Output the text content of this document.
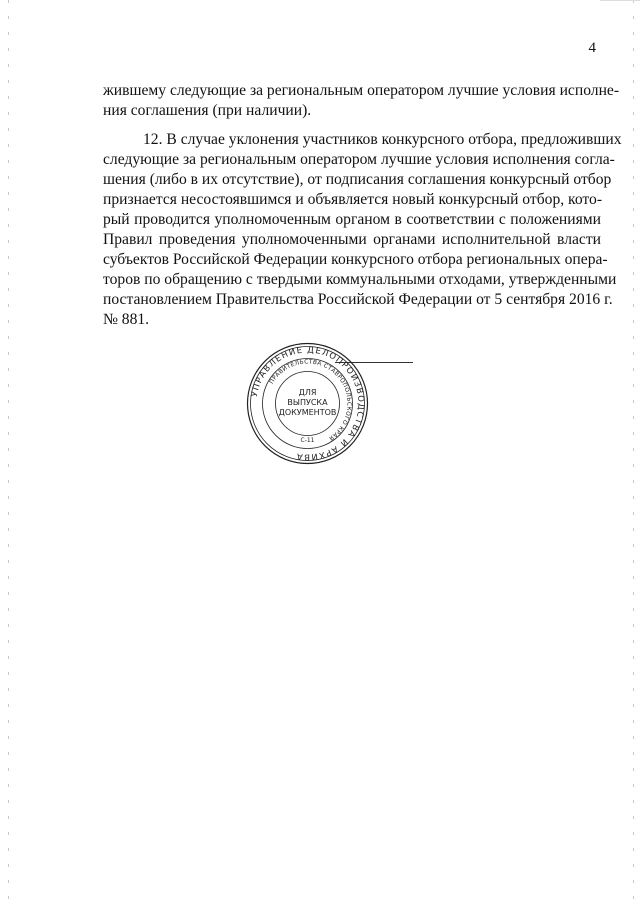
4
жившему следующие за региональным оператором лучшие условия исполне-
ния соглашения (при наличии).
12. В случае уклонения участников конкурсного отбора, предложивших
следующие за региональным оператором лучшие условия исполнения согла-
шения (либо в их отсутствие), от подписания соглашения конкурсный отбор
признается несостоявшимся и объявляется новый конкурсный отбор, кото-
рый проводится уполномоченным органом в соответствии с положениями
Правил проведения уполномоченными органами исполнительной власти
субъектов Российской Федерации конкурсного отбора региональных опера-
торов по обращению с твердыми коммунальными отходами, утвержденными
постановлением Правительства Российской Федерации от 5 сентября 2016 г.
№ 881.
УПРАВЛЕНИЕ ДЕЛОПРОИЗВОДСТВА И АРХИВА
ПРАВИТЕЛЬСТВА СТАВРОПОЛЬСКОГО КРАЯ
ДЛЯ
ВЫПУСКА
ДОКУМЕНТОВ
С-11
